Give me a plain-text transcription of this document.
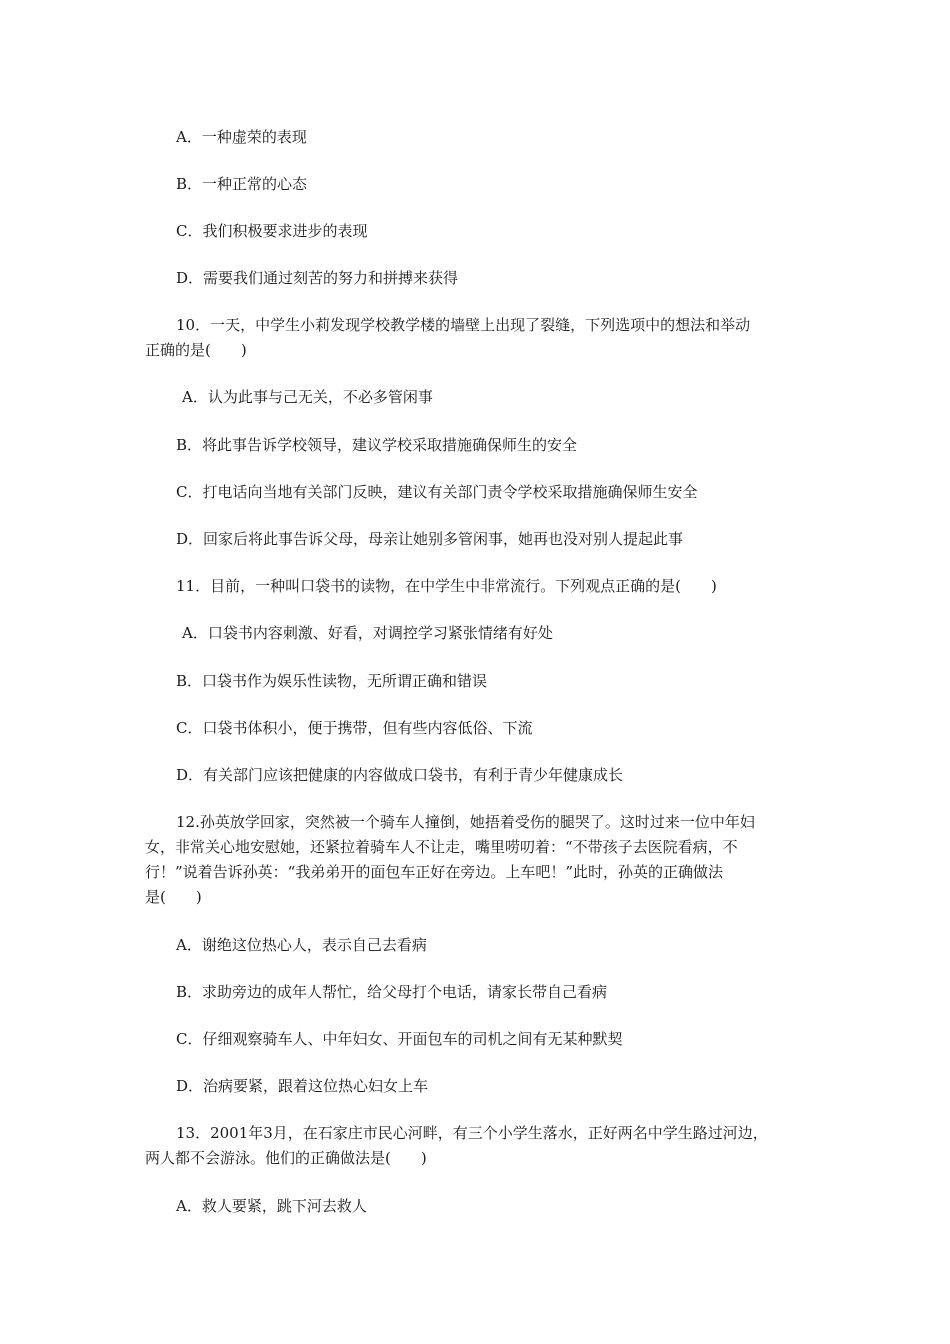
A．一种虚荣的表现
B．一种正常的心态
C．我们积极要求进步的表现
D．需要我们通过刻苦的努力和拼搏来获得
10．一天，中学生小莉发现学校教学楼的墙壁上出现了裂缝，下列选项中的想法和举动
正确的是(　　)
A．认为此事与己无关，不必多管闲事
B．将此事告诉学校领导，建议学校采取措施确保师生的安全
C．打电话向当地有关部门反映，建议有关部门责令学校采取措施确保师生安全
D．回家后将此事告诉父母，母亲让她别多管闲事，她再也没对别人提起此事
11．目前，一种叫口袋书的读物，在中学生中非常流行。下列观点正确的是(　　)
A．口袋书内容刺激、好看，对调控学习紧张情绪有好处
B．口袋书作为娱乐性读物，无所谓正确和错误
C．口袋书体积小，便于携带，但有些内容低俗、下流
D．有关部门应该把健康的内容做成口袋书，有利于青少年健康成长
12.孙英放学回家，突然被一个骑车人撞倒，她捂着受伤的腿哭了。这时过来一位中年妇
女，非常关心地安慰她，还紧拉着骑车人不让走，嘴里唠叨着：“不带孩子去医院看病，不
行！”说着告诉孙英：“我弟弟开的面包车正好在旁边。上车吧！”此时，孙英的正确做法
是(　　)
A．谢绝这位热心人，表示自己去看病
B．求助旁边的成年人帮忙，给父母打个电话，请家长带自己看病
C．仔细观察骑车人、中年妇女、开面包车的司机之间有无某种默契
D．治病要紧，跟着这位热心妇女上车
13．2001年3月，在石家庄市民心河畔，有三个小学生落水，正好两名中学生路过河边，
两人都不会游泳。他们的正确做法是(　　)
A．救人要紧，跳下河去救人
